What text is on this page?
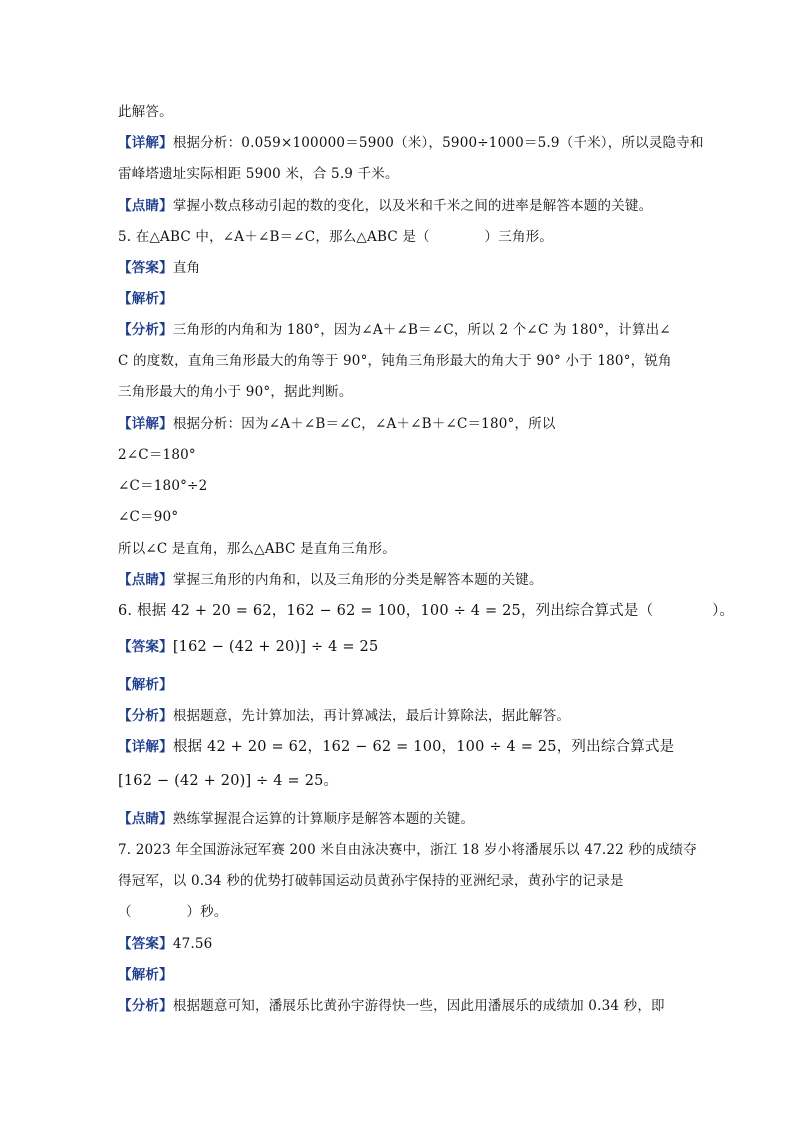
此解答。

【详解】根据分析：0.059×100000＝5900（米），5900÷1000＝5.9（千米），所以灵隐寺和

雷峰塔遗址实际相距 5900 米，合 5.9 千米。

【点睛】掌握小数点移动引起的数的变化，以及米和千米之间的进率是解答本题的关键。

5. 在△ABC 中，∠A＋∠B＝∠C，那么△ABC 是（　　　　）三角形。

【答案】直角

【解析】

【分析】三角形的内角和为 180°，因为∠A＋∠B＝∠C，所以 2 个∠C 为 180°，计算出∠

C 的度数，直角三角形最大的角等于 90°，钝角三角形最大的角大于 90° 小于 180°，锐角

三角形最大的角小于 90°，据此判断。

【详解】根据分析：因为∠A＋∠B＝∠C，∠A＋∠B＋∠C＝180°，所以

2∠C＝180°

∠C＝180°÷2

∠C＝90°

所以∠C 是直角，那么△ABC 是直角三角形。

【点睛】掌握三角形的内角和，以及三角形的分类是解答本题的关键。

6. 根据 42 + 20 = 62，162 − 62 = 100，100 ÷ 4 = 25，列出综合算式是（　　　　）。

【答案】[162 − (42 + 20)] ÷ 4 = 25

【解析】

【分析】根据题意，先计算加法，再计算减法，最后计算除法，据此解答。

【详解】根据 42 + 20 = 62，162 − 62 = 100，100 ÷ 4 = 25，列出综合算式是

[162 − (42 + 20)] ÷ 4 = 25。

【点睛】熟练掌握混合运算的计算顺序是解答本题的关键。

7. 2023 年全国游泳冠军赛 200 米自由泳决赛中，浙江 18 岁小将潘展乐以 47.22 秒的成绩夺

得冠军，以 0.34 秒的优势打破韩国运动员黄孙宇保持的亚洲纪录，黄孙宇的记录是

（　　　　）秒。

【答案】47.56

【解析】

【分析】根据题意可知，潘展乐比黄孙宇游得快一些，因此用潘展乐的成绩加 0.34 秒，即
